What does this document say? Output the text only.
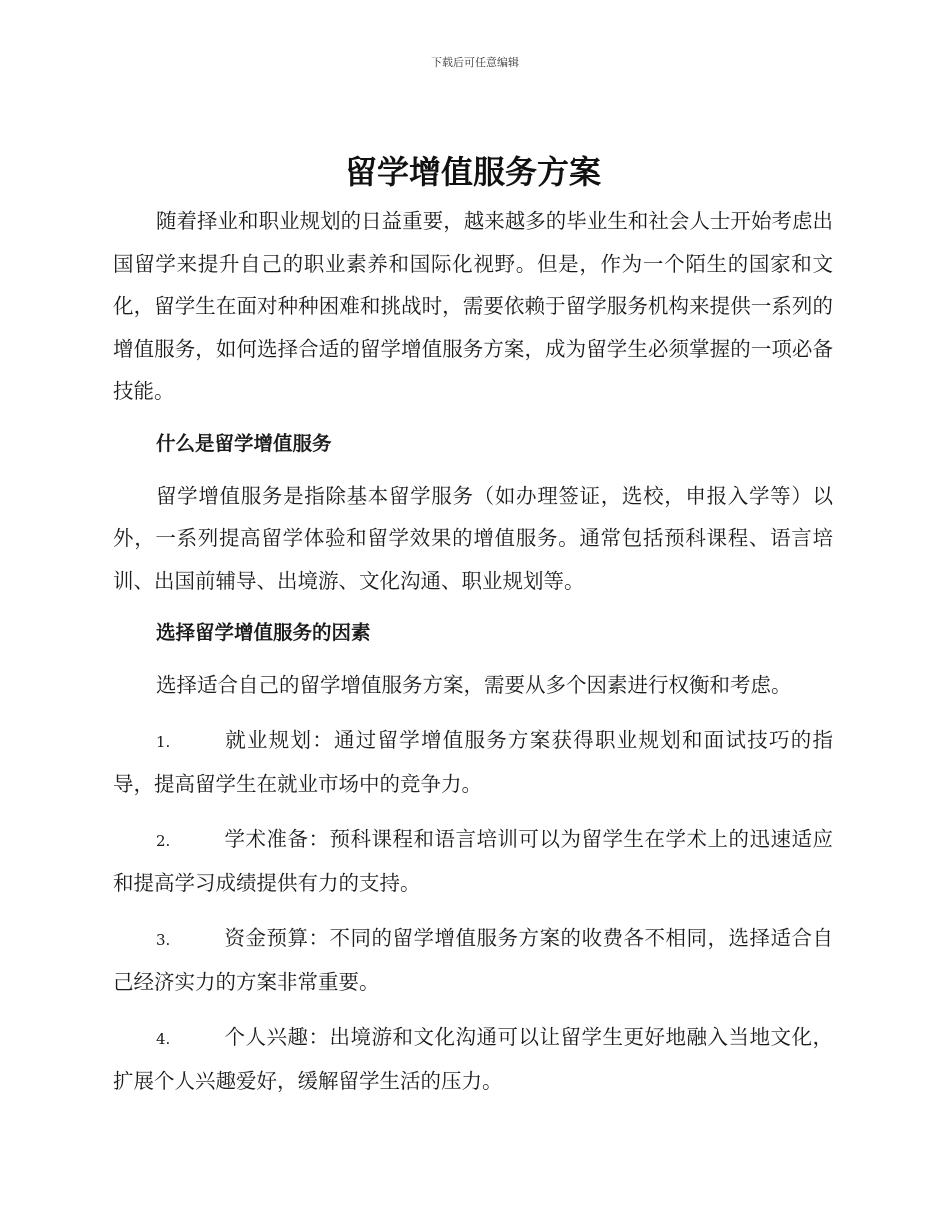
下载后可任意编辑
留学增值服务方案

随着择业和职业规划的日益重要，越来越多的毕业生和社会人士开始考虑出国留学来提升自己的职业素养和国际化视野。但是，作为一个陌生的国家和文化，留学生在面对种种困难和挑战时，需要依赖于留学服务机构来提供一系列的增值服务，如何选择合适的留学增值服务方案，成为留学生必须掌握的一项必备技能。

什么是留学增值服务

留学增值服务是指除基本留学服务（如办理签证，选校，申报入学等）以外，一系列提高留学体验和留学效果的增值服务。通常包括预科课程、语言培训、出国前辅导、出境游、文化沟通、职业规划等。

选择留学增值服务的因素

选择适合自己的留学增值服务方案，需要从多个因素进行权衡和考虑。

1.	就业规划：通过留学增值服务方案获得职业规划和面试技巧的指导，提高留学生在就业市场中的竞争力。

2.	学术准备：预科课程和语言培训可以为留学生在学术上的迅速适应和提高学习成绩提供有力的支持。

3.	资金预算：不同的留学增值服务方案的收费各不相同，选择适合自己经济实力的方案非常重要。

4.	个人兴趣：出境游和文化沟通可以让留学生更好地融入当地文化，扩展个人兴趣爱好，缓解留学生活的压力。
